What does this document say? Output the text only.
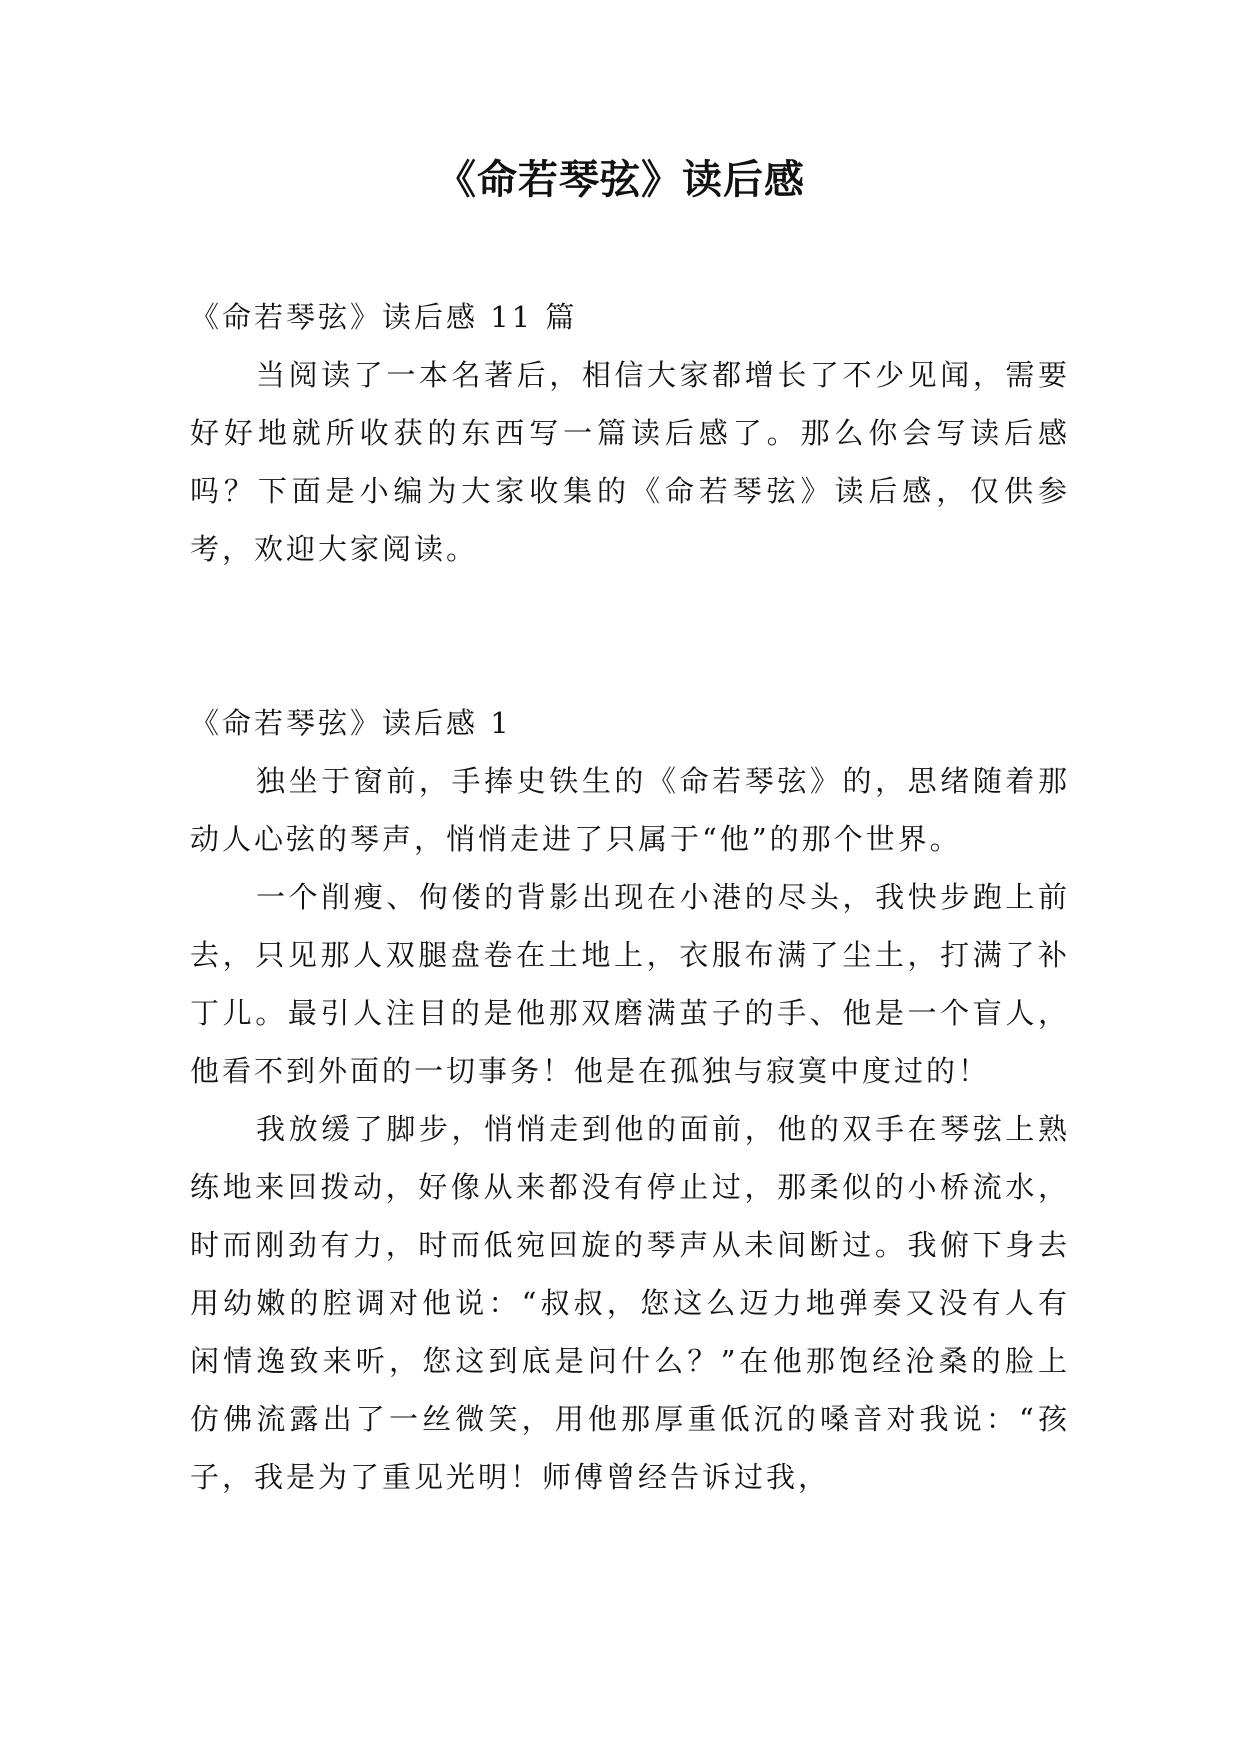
《命若琴弦》读后感

《命若琴弦》读后感 11 篇

当阅读了一本名著后，相信大家都增长了不少见闻，需要好好地就所收获的东西写一篇读后感了。那么你会写读后感吗？下面是小编为大家收集的《命若琴弦》读后感，仅供参考，欢迎大家阅读。

《命若琴弦》读后感 1

独坐于窗前，手捧史铁生的《命若琴弦》的，思绪随着那动人心弦的琴声，悄悄走进了只属于“他”的那个世界。

一个削瘦、佝偻的背影出现在小港的尽头，我快步跑上前去，只见那人双腿盘卷在土地上，衣服布满了尘土，打满了补丁儿。最引人注目的是他那双磨满茧子的手、他是一个盲人，他看不到外面的一切事务！他是在孤独与寂寞中度过的！

我放缓了脚步，悄悄走到他的面前，他的双手在琴弦上熟练地来回拨动，好像从来都没有停止过，那柔似的小桥流水，时而刚劲有力，时而低宛回旋的琴声从未间断过。我俯下身去用幼嫩的腔调对他说：“叔叔，您这么迈力地弹奏又没有人有闲情逸致来听，您这到底是问什么？”在他那饱经沧桑的脸上仿佛流露出了一丝微笑，用他那厚重低沉的嗓音对我说：“孩子，我是为了重见光明！师傅曾经告诉过我，
